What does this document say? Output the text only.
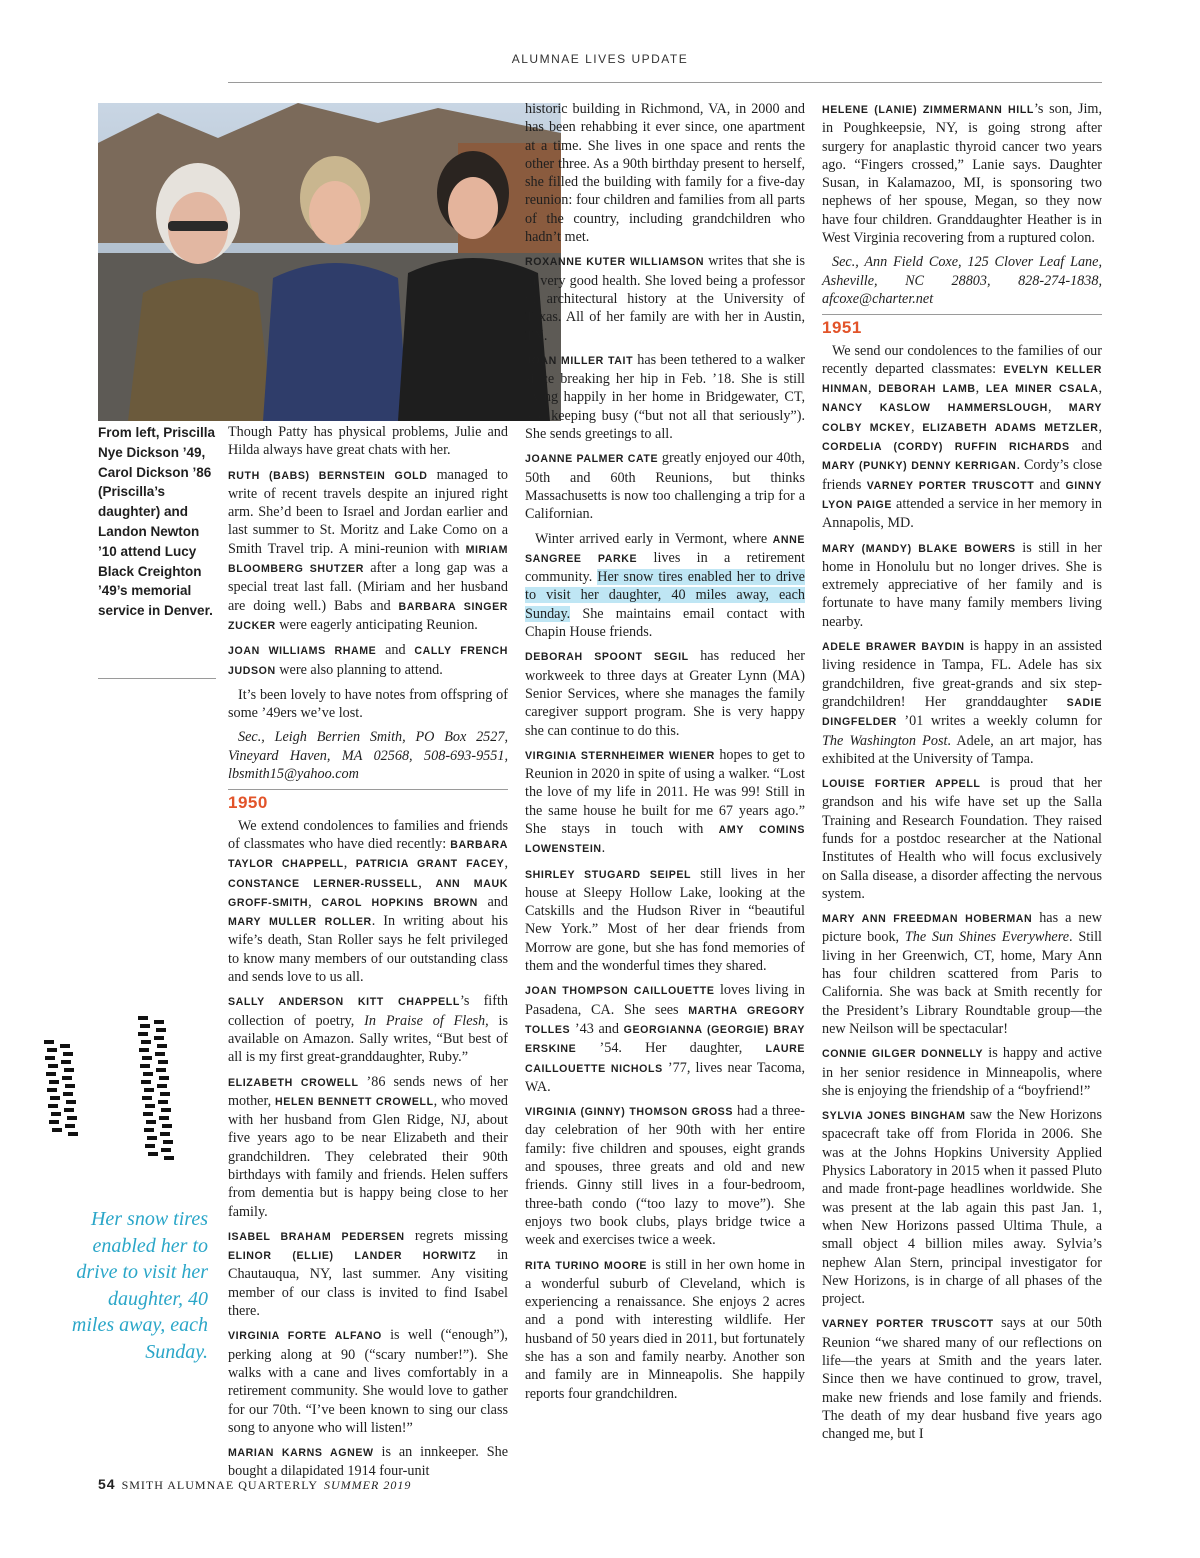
ALUMNAE LIVES UPDATE
From left, Priscilla Nye Dickson ’49, Carol Dickson ’86 (Priscilla’s daughter) and Landon Newton ’10 attend Lucy Black Creighton ’49’s memorial service in Denver.
Her snow tires enabled her to drive to visit her daughter, 40 miles away, each Sunday.

Though Patty has physical problems, Julie and Hilda always have great chats with her.

RUTH (BABS) BERNSTEIN GOLD managed to write of recent travels despite an injured right arm. She’d been to Israel and Jordan earlier and last summer to St. Moritz and Lake Como on a Smith Travel trip. A mini-reunion with MIRIAM BLOOMBERG SHUTZER after a long gap was a special treat last fall. (Miriam and her husband are doing well.) Babs and BARBARA SINGER ZUCKER were eagerly anticipating Reunion.

JOAN WILLIAMS RHAME and CALLY FRENCH JUDSON were also planning to attend.

It’s been lovely to have notes from offspring of some ’49ers we’ve lost.

Sec., Leigh Berrien Smith, PO Box 2527, Vineyard Haven, MA 02568, 508-693-9551, lbsmith15@yahoo.com

1950

We extend condolences to families and friends of classmates who have died recently: BARBARA TAYLOR CHAPPELL, PATRICIA GRANT FACEY, CONSTANCE LERNER-RUSSELL, ANN MAUK GROFF-SMITH, CAROL HOPKINS BROWN and MARY MULLER ROLLER. In writing about his wife’s death, Stan Roller says he felt privileged to know many members of our outstanding class and sends love to us all.

SALLY ANDERSON KITT CHAPPELL’s fifth collection of poetry, In Praise of Flesh, is available on Amazon. Sally writes, “But best of all is my first great-granddaughter, Ruby.”

ELIZABETH CROWELL ’86 sends news of her mother, HELEN BENNETT CROWELL, who moved with her husband from Glen Ridge, NJ, about five years ago to be near Elizabeth and their grandchildren. They celebrated their 90th birthdays with family and friends. Helen suffers from dementia but is happy being close to her family.

ISABEL BRAHAM PEDERSEN regrets missing ELINOR (ELLIE) LANDER HORWITZ in Chautauqua, NY, last summer. Any visiting member of our class is invited to find Isabel there.

VIRGINIA FORTE ALFANO is well (“enough”), perking along at 90 (“scary number!”). She walks with a cane and lives comfortably in a retirement community. She would love to gather for our 70th. “I’ve been known to sing our class song to anyone who will listen!”

MARIAN KARNS AGNEW is an innkeeper. She bought a dilapidated 1914 four-unit

historic building in Richmond, VA, in 2000 and has been rehabbing it ever since, one apartment at a time. She lives in one space and rents the other three. As a 90th birthday present to herself, she filled the building with family for a five-day reunion: four children and families from all parts of the country, including grandchildren who hadn’t met.

ROXANNE KUTER WILLIAMSON writes that she is in very good health. She loved being a professor of architectural history at the University of Texas. All of her family are with her in Austin, TX.

JOAN MILLER TAIT has been tethered to a walker since breaking her hip in Feb. ’18. She is still living happily in her home in Bridgewater, CT, and keeping busy (“but not all that seriously”). She sends greetings to all.

JOANNE PALMER CATE greatly enjoyed our 40th, 50th and 60th Reunions, but thinks Massachusetts is now too challenging a trip for a Californian.

Winter arrived early in Vermont, where ANNE SANGREE PARKE lives in a retirement community. Her snow tires enabled her to drive to visit her daughter, 40 miles away, each Sunday. She maintains email contact with Chapin House friends.

DEBORAH SPOONT SEGIL has reduced her workweek to three days at Greater Lynn (MA) Senior Services, where she manages the family caregiver support program. She is very happy she can continue to do this.

VIRGINIA STERNHEIMER WIENER hopes to get to Reunion in 2020 in spite of using a walker. “Lost the love of my life in 2011. He was 99! Still in the same house he built for me 67 years ago.” She stays in touch with AMY COMINS LOWENSTEIN.

SHIRLEY STUGARD SEIPEL still lives in her house at Sleepy Hollow Lake, looking at the Catskills and the Hudson River in “beautiful New York.” Most of her dear friends from Morrow are gone, but she has fond memories of them and the wonderful times they shared.

JOAN THOMPSON CAILLOUETTE loves living in Pasadena, CA. She sees MARTHA GREGORY TOLLES ’43 and GEORGIANNA (GEORGIE) BRAY ERSKINE ’54. Her daughter, LAURE CAILLOUETTE NICHOLS ’77, lives near Tacoma, WA.

VIRGINIA (GINNY) THOMSON GROSS had a three-day celebration of her 90th with her entire family: five children and spouses, eight grands and spouses, three greats and old and new friends. Ginny still lives in a four-bedroom, three-bath condo (“too lazy to move”). She enjoys two book clubs, plays bridge twice a week and exercises twice a week.

RITA TURINO MOORE is still in her own home in a wonderful suburb of Cleveland, which is experiencing a renaissance. She enjoys 2 acres and a pond with interesting wildlife. Her husband of 50 years died in 2011, but fortunately she has a son and family nearby. Another son and family are in Minneapolis. She happily reports four grandchildren.

HELENE (LANIE) ZIMMERMANN HILL’s son, Jim, in Poughkeepsie, NY, is going strong after surgery for anaplastic thyroid cancer two years ago. “Fingers crossed,” Lanie says. Daughter Susan, in Kalamazoo, MI, is sponsoring two nephews of her spouse, Megan, so they now have four children. Granddaughter Heather is in West Virginia recovering from a ruptured colon.

Sec., Ann Field Coxe, 125 Clover Leaf Lane, Asheville, NC 28803, 828-274-1838, afcoxe@charter.net

1951

We send our condolences to the families of our recently departed classmates: EVELYN KELLER HINMAN, DEBORAH LAMB, LEA MINER CSALA, NANCY KASLOW HAMMERSLOUGH, MARY COLBY MCKEY, ELIZABETH ADAMS METZLER, CORDELIA (CORDY) RUFFIN RICHARDS and MARY (PUNKY) DENNY KERRIGAN. Cordy’s close friends VARNEY PORTER TRUSCOTT and GINNY LYON PAIGE attended a service in her memory in Annapolis, MD.

MARY (MANDY) BLAKE BOWERS is still in her home in Honolulu but no longer drives. She is extremely appreciative of her family and is fortunate to have many family members living nearby.

ADELE BRAWER BAYDIN is happy in an assisted living residence in Tampa, FL. Adele has six grandchildren, five great-grands and six step-grandchildren! Her granddaughter SADIE DINGFELDER ’01 writes a weekly column for The Washington Post. Adele, an art major, has exhibited at the University of Tampa.

LOUISE FORTIER APPELL is proud that her grandson and his wife have set up the Salla Training and Research Foundation. They raised funds for a postdoc researcher at the National Institutes of Health who will focus exclusively on Salla disease, a disorder affecting the nervous system.

MARY ANN FREEDMAN HOBERMAN has a new picture book, The Sun Shines Everywhere. Still living in her Greenwich, CT, home, Mary Ann has four children scattered from Paris to California. She was back at Smith recently for the President’s Library Roundtable group—the new Neilson will be spectacular!

CONNIE GILGER DONNELLY is happy and active in her senior residence in Minneapolis, where she is enjoying the friendship of a “boyfriend!”

SYLVIA JONES BINGHAM saw the New Horizons spacecraft take off from Florida in 2006. She was at the Johns Hopkins University Applied Physics Laboratory in 2015 when it passed Pluto and made front-page headlines worldwide. She was present at the lab again this past Jan. 1, when New Horizons passed Ultima Thule, a small object 4 billion miles away. Sylvia’s nephew Alan Stern, principal investigator for New Horizons, is in charge of all phases of the project.

VARNEY PORTER TRUSCOTT says at our 50th Reunion “we shared many of our reflections on life—the years at Smith and the years later. Since then we have continued to grow, travel, make new friends and lose family and friends. The death of my dear husband five years ago changed me, but I

54 SMITH ALUMNAE QUARTERLY SUMMER 2019
